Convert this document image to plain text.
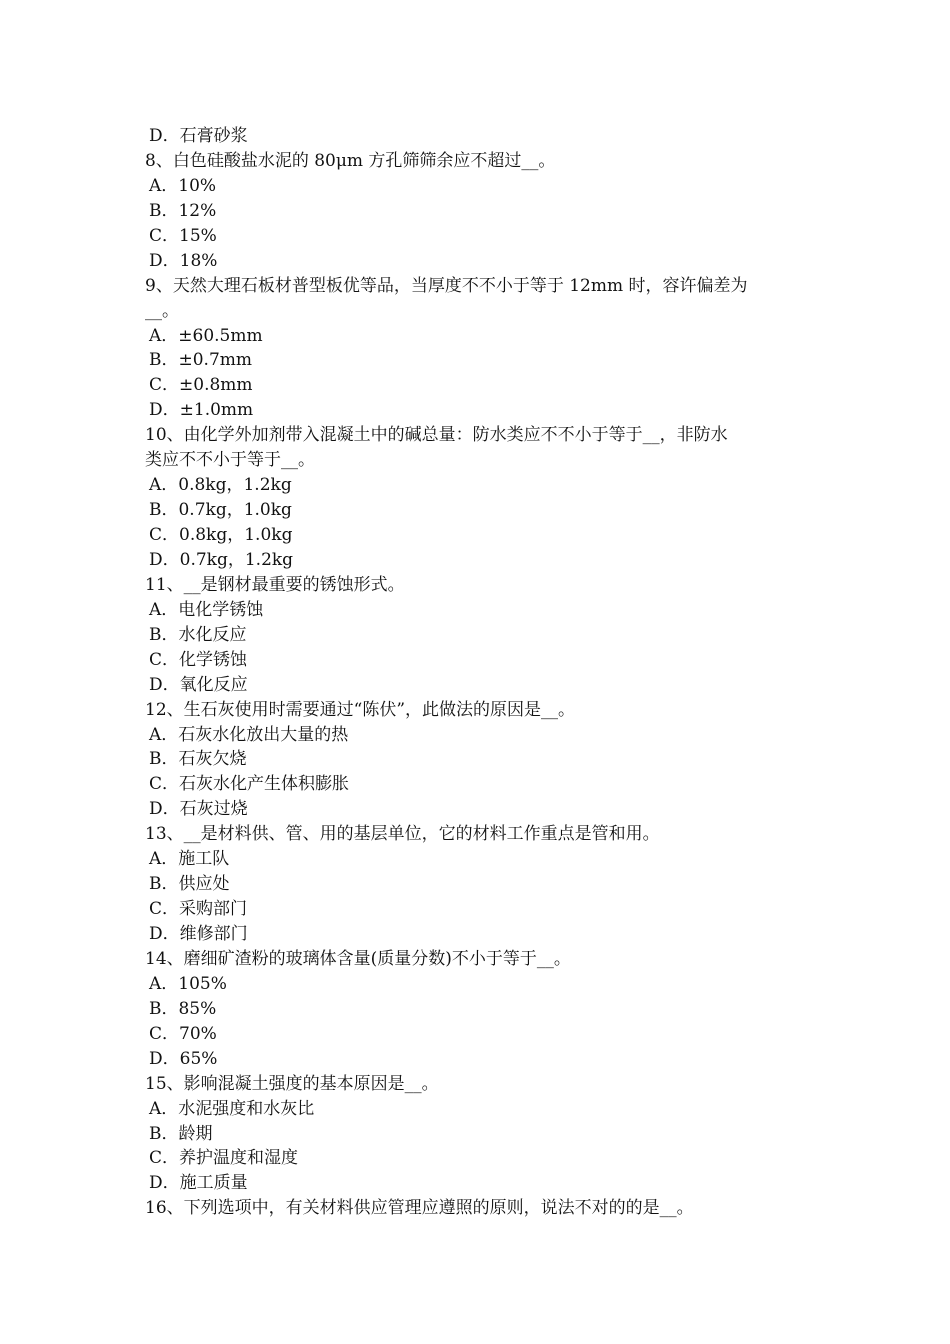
D．石膏砂浆
8、白色硅酸盐水泥的 80μm 方孔筛筛余应不超过__。
A．10%
B．12%
C．15%
D．18%
9、天然大理石板材普型板优等品，当厚度不不小于等于 12mm 时，容许偏差为
__。
A．±60.5mm
B．±0.7mm
C．±0.8mm
D．±1.0mm
10、由化学外加剂带入混凝土中的碱总量：防水类应不不小于等于__，非防水
类应不不小于等于__。
A．0.8kg，1.2kg
B．0.7kg，1.0kg
C．0.8kg，1.0kg
D．0.7kg，1.2kg
11、__是钢材最重要的锈蚀形式。
A．电化学锈蚀
B．水化反应
C．化学锈蚀
D．氧化反应
12、生石灰使用时需要通过“陈伏”，此做法的原因是__。
A．石灰水化放出大量的热
B．石灰欠烧
C．石灰水化产生体积膨胀
D．石灰过烧
13、__是材料供、管、用的基层单位，它的材料工作重点是管和用。
A．施工队
B．供应处
C．采购部门
D．维修部门
14、磨细矿渣粉的玻璃体含量(质量分数)不小于等于__。
A．105%
B．85%
C．70%
D．65%
15、影响混凝土强度的基本原因是__。
A．水泥强度和水灰比
B．龄期
C．养护温度和湿度
D．施工质量
16、下列选项中，有关材料供应管理应遵照的原则，说法不对的的是__。
